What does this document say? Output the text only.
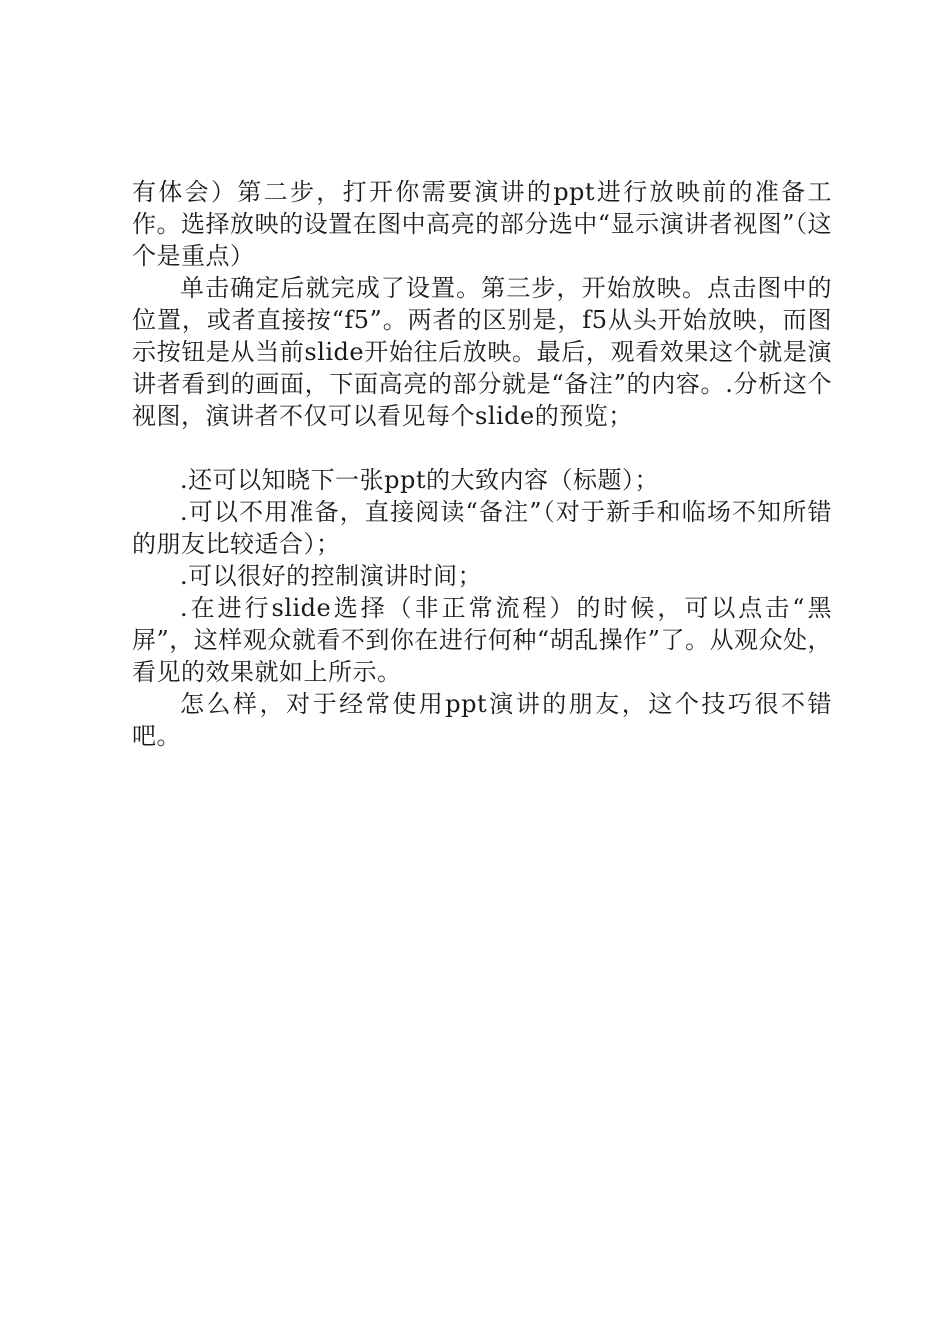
有体会）第二步，打开你需要演讲的ppt进行放映前的准备工作。选择放映的设置在图中高亮的部分选中“显示演讲者视图”（这个是重点）

单击确定后就完成了设置。第三步，开始放映。点击图中的位置，或者直接按“f5”。两者的区别是，f5从头开始放映，而图示按钮是从当前slide开始往后放映。最后，观看效果这个就是演讲者看到的画面，下面高亮的部分就是“备注”的内容。.分析这个视图，演讲者不仅可以看见每个slide的预览；

.还可以知晓下一张ppt的大致内容（标题）；

.可以不用准备，直接阅读“备注”（对于新手和临场不知所错的朋友比较适合）；

.可以很好的控制演讲时间；

.在进行slide选择（非正常流程）的时候，可以点击“黑屏”，这样观众就看不到你在进行何种“胡乱操作”了。从观众处，看见的效果就如上所示。

怎么样，对于经常使用ppt演讲的朋友，这个技巧很不错吧。
